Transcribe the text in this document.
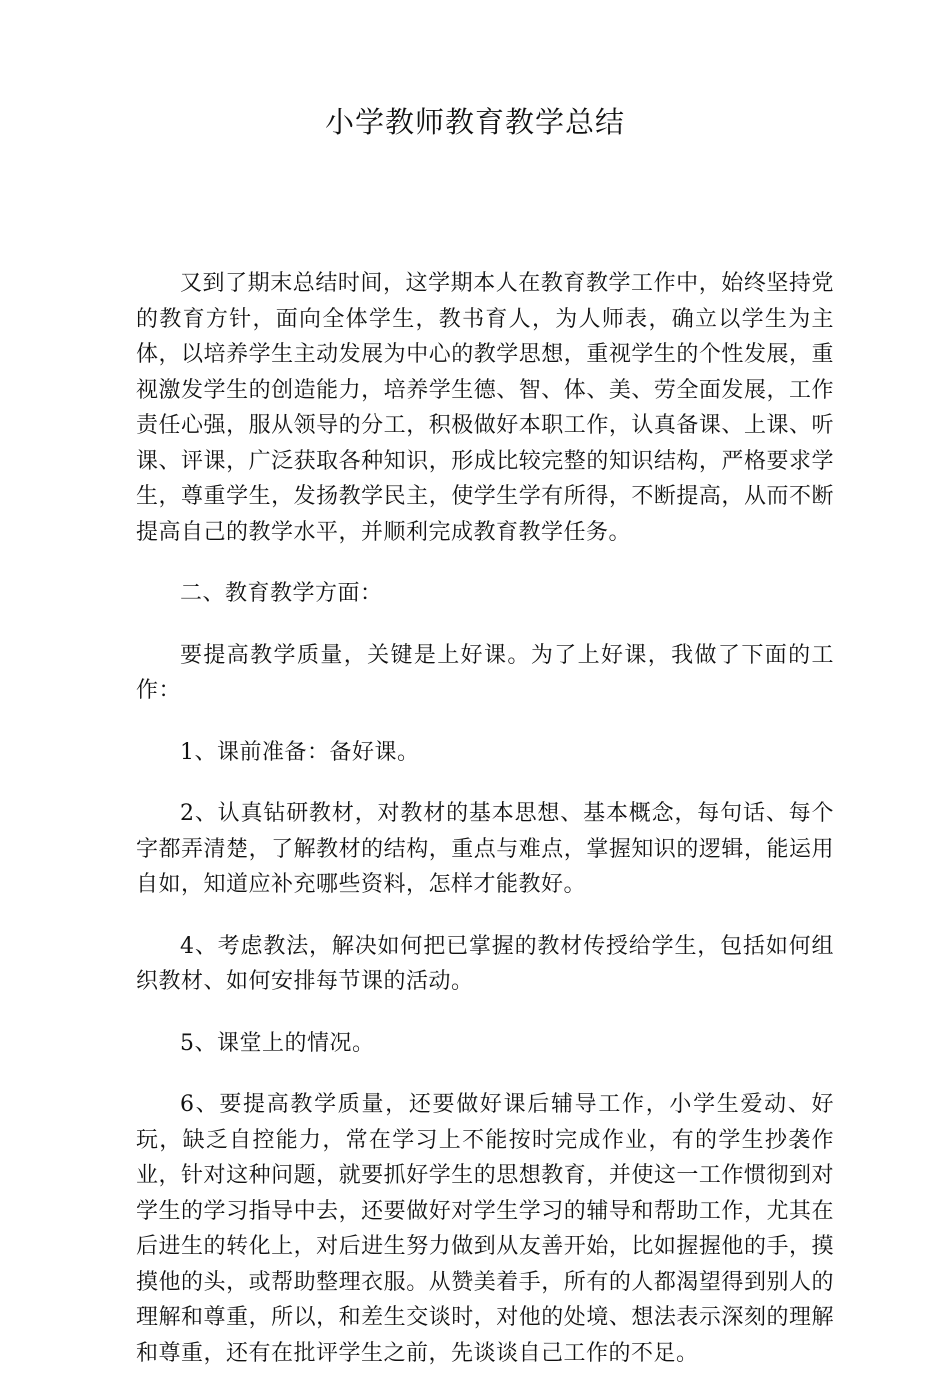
小学教师教育教学总结

又到了期末总结时间，这学期本人在教育教学工作中，始终坚持党的教育方针，面向全体学生，教书育人，为人师表，确立以学生为主体，以培养学生主动发展为中心的教学思想，重视学生的个性发展，重视激发学生的创造能力，培养学生德、智、体、美、劳全面发展，工作责任心强，服从领导的分工，积极做好本职工作，认真备课、上课、听课、评课，广泛获取各种知识，形成比较完整的知识结构，严格要求学生，尊重学生，发扬教学民主，使学生学有所得，不断提高，从而不断提高自己的教学水平，并顺利完成教育教学任务。

二、教育教学方面：

要提高教学质量，关键是上好课。为了上好课，我做了下面的工作：

1、课前准备：备好课。

2、认真钻研教材，对教材的基本思想、基本概念，每句话、每个字都弄清楚，了解教材的结构，重点与难点，掌握知识的逻辑，能运用自如，知道应补充哪些资料，怎样才能教好。

4、考虑教法，解决如何把已掌握的教材传授给学生，包括如何组织教材、如何安排每节课的活动。

5、课堂上的情况。

6、要提高教学质量，还要做好课后辅导工作，小学生爱动、好玩，缺乏自控能力，常在学习上不能按时完成作业，有的学生抄袭作业，针对这种问题，就要抓好学生的思想教育，并使这一工作惯彻到对学生的学习指导中去，还要做好对学生学习的辅导和帮助工作，尤其在后进生的转化上，对后进生努力做到从友善开始，比如握握他的手，摸摸他的头，或帮助整理衣服。从赞美着手，所有的人都渴望得到别人的理解和尊重，所以，和差生交谈时，对他的处境、想法表示深刻的理解和尊重，还有在批评学生之前，先谈谈自己工作的不足。
